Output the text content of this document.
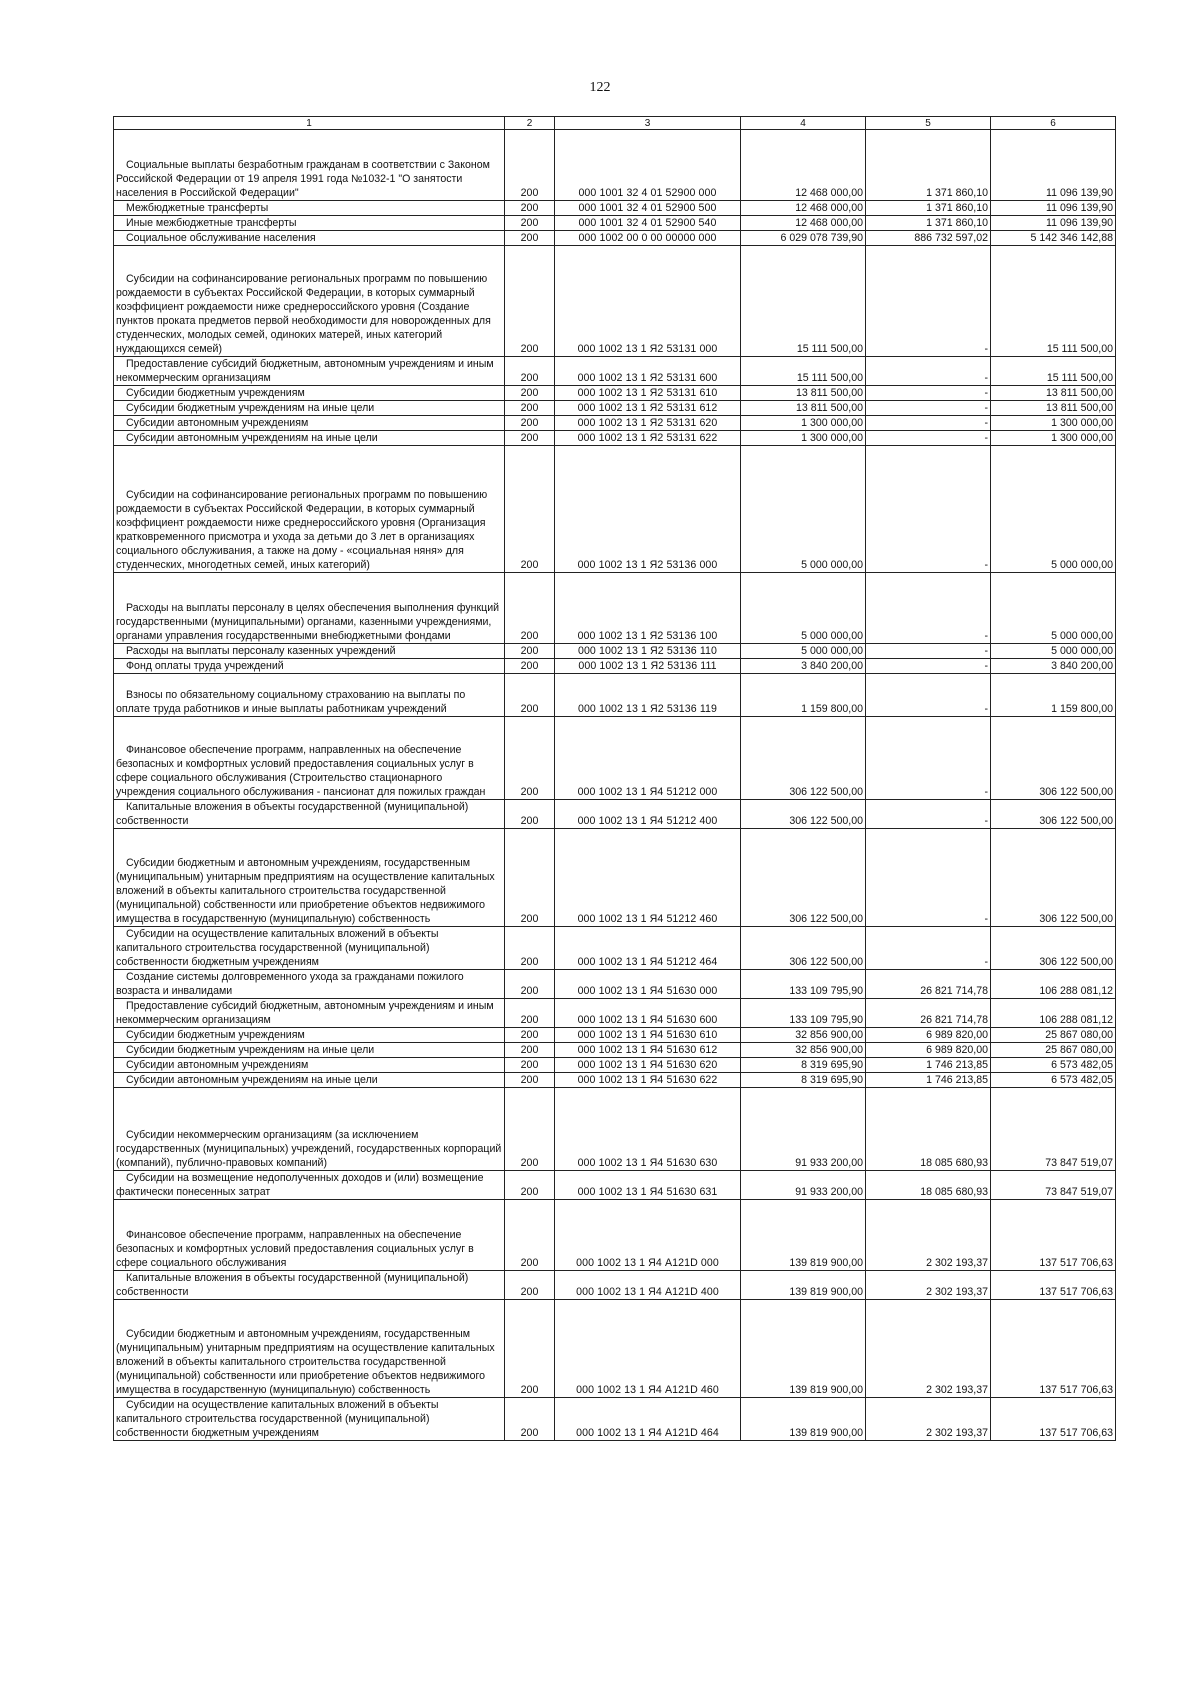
122
1	2	3	4	5	6

Социальные выплаты безработным гражданам в соответствии с Законом Российской Федерации от 19 апреля 1991 года №1032-1 "О занятости населения в Российской Федерации"	200	000 1001 32 4 01 52900 000	12 468 000,00	1 371 860,10	11 096 139,90

Межбюджетные трансферты	200	000 1001 32 4 01 52900 500	12 468 000,00	1 371 860,10	11 096 139,90

Иные межбюджетные трансферты	200	000 1001 32 4 01 52900 540	12 468 000,00	1 371 860,10	11 096 139,90

Социальное обслуживание населения	200	000 1002 00 0 00 00000 000	6 029 078 739,90	886 732 597,02	5 142 346 142,88

Субсидии на софинансирование региональных программ по повышению рождаемости в субъектах Российской Федерации, в которых суммарный коэффициент рождаемости ниже среднероссийского уровня (Создание пунктов проката предметов первой необходимости для новорожденных для студенческих, молодых семей, одиноких матерей, иных категорий нуждающихся семей)	200	000 1002 13 1 Я2 53131 000	15 111 500,00	-	15 111 500,00

Предоставление субсидий бюджетным, автономным учреждениям и иным некоммерческим организациям	200	000 1002 13 1 Я2 53131 600	15 111 500,00	-	15 111 500,00

Субсидии бюджетным учреждениям	200	000 1002 13 1 Я2 53131 610	13 811 500,00	-	13 811 500,00

Субсидии бюджетным учреждениям на иные цели	200	000 1002 13 1 Я2 53131 612	13 811 500,00	-	13 811 500,00

Субсидии автономным учреждениям	200	000 1002 13 1 Я2 53131 620	1 300 000,00	-	1 300 000,00

Субсидии автономным учреждениям на иные цели	200	000 1002 13 1 Я2 53131 622	1 300 000,00	-	1 300 000,00

Субсидии на софинансирование региональных программ по повышению рождаемости в субъектах Российской Федерации, в которых суммарный коэффициент рождаемости ниже среднероссийского уровня (Организация кратковременного присмотра и ухода за детьми до 3 лет в организациях социального обслуживания, а также на дому - «социальная няня» для студенческих, многодетных семей, иных категорий)	200	000 1002 13 1 Я2 53136 000	5 000 000,00	-	5 000 000,00

Расходы на выплаты персоналу в целях обеспечения выполнения функций государственными (муниципальными) органами, казенными учреждениями, органами управления государственными внебюджетными фондами	200	000 1002 13 1 Я2 53136 100	5 000 000,00	-	5 000 000,00

Расходы на выплаты персоналу казенных учреждений	200	000 1002 13 1 Я2 53136 110	5 000 000,00	-	5 000 000,00

Фонд оплаты труда учреждений	200	000 1002 13 1 Я2 53136 111	3 840 200,00	-	3 840 200,00

Взносы по обязательному социальному страхованию на выплаты по оплате труда работников и иные выплаты работникам учреждений	200	000 1002 13 1 Я2 53136 119	1 159 800,00	-	1 159 800,00

Финансовое обеспечение программ, направленных на обеспечение безопасных и комфортных условий предоставления социальных услуг в сфере социального обслуживания (Строительство стационарного учреждения социального обслуживания - пансионат для пожилых граждан	200	000 1002 13 1 Я4 51212 000	306 122 500,00	-	306 122 500,00

Капитальные вложения в объекты государственной (муниципальной) собственности	200	000 1002 13 1 Я4 51212 400	306 122 500,00	-	306 122 500,00

Субсидии бюджетным и автономным учреждениям, государственным (муниципальным) унитарным предприятиям на осуществление капитальных вложений в объекты капитального строительства государственной (муниципальной) собственности или приобретение объектов недвижимого имущества в государственную (муниципальную) собственность	200	000 1002 13 1 Я4 51212 460	306 122 500,00	-	306 122 500,00

Субсидии на осуществление капитальных вложений в объекты капитального строительства государственной (муниципальной) собственности бюджетным учреждениям	200	000 1002 13 1 Я4 51212 464	306 122 500,00	-	306 122 500,00

Создание системы долговременного ухода за гражданами пожилого возраста и инвалидами	200	000 1002 13 1 Я4 51630 000	133 109 795,90	26 821 714,78	106 288 081,12

Предоставление субсидий бюджетным, автономным учреждениям и иным некоммерческим организациям	200	000 1002 13 1 Я4 51630 600	133 109 795,90	26 821 714,78	106 288 081,12

Субсидии бюджетным учреждениям	200	000 1002 13 1 Я4 51630 610	32 856 900,00	6 989 820,00	25 867 080,00

Субсидии бюджетным учреждениям на иные цели	200	000 1002 13 1 Я4 51630 612	32 856 900,00	6 989 820,00	25 867 080,00

Субсидии автономным учреждениям	200	000 1002 13 1 Я4 51630 620	8 319 695,90	1 746 213,85	6 573 482,05

Субсидии автономным учреждениям на иные цели	200	000 1002 13 1 Я4 51630 622	8 319 695,90	1 746 213,85	6 573 482,05

Субсидии некоммерческим организациям (за исключением государственных (муниципальных) учреждений, государственных корпораций (компаний), публично-правовых компаний)	200	000 1002 13 1 Я4 51630 630	91 933 200,00	18 085 680,93	73 847 519,07

Субсидии на возмещение недополученных доходов и (или) возмещение фактически понесенных затрат	200	000 1002 13 1 Я4 51630 631	91 933 200,00	18 085 680,93	73 847 519,07

Финансовое обеспечение программ, направленных на обеспечение безопасных и комфортных условий предоставления социальных услуг в сфере социального обслуживания	200	000 1002 13 1 Я4 А121D 000	139 819 900,00	2 302 193,37	137 517 706,63

Капитальные вложения в объекты государственной (муниципальной) собственности	200	000 1002 13 1 Я4 А121D 400	139 819 900,00	2 302 193,37	137 517 706,63

Субсидии бюджетным и автономным учреждениям, государственным (муниципальным) унитарным предприятиям на осуществление капитальных вложений в объекты капитального строительства государственной (муниципальной) собственности или приобретение объектов недвижимого имущества в государственную (муниципальную) собственность	200	000 1002 13 1 Я4 А121D 460	139 819 900,00	2 302 193,37	137 517 706,63

Субсидии на осуществление капитальных вложений в объекты капитального строительства государственной (муниципальной) собственности бюджетным учреждениям	200	000 1002 13 1 Я4 А121D 464	139 819 900,00	2 302 193,37	137 517 706,63
